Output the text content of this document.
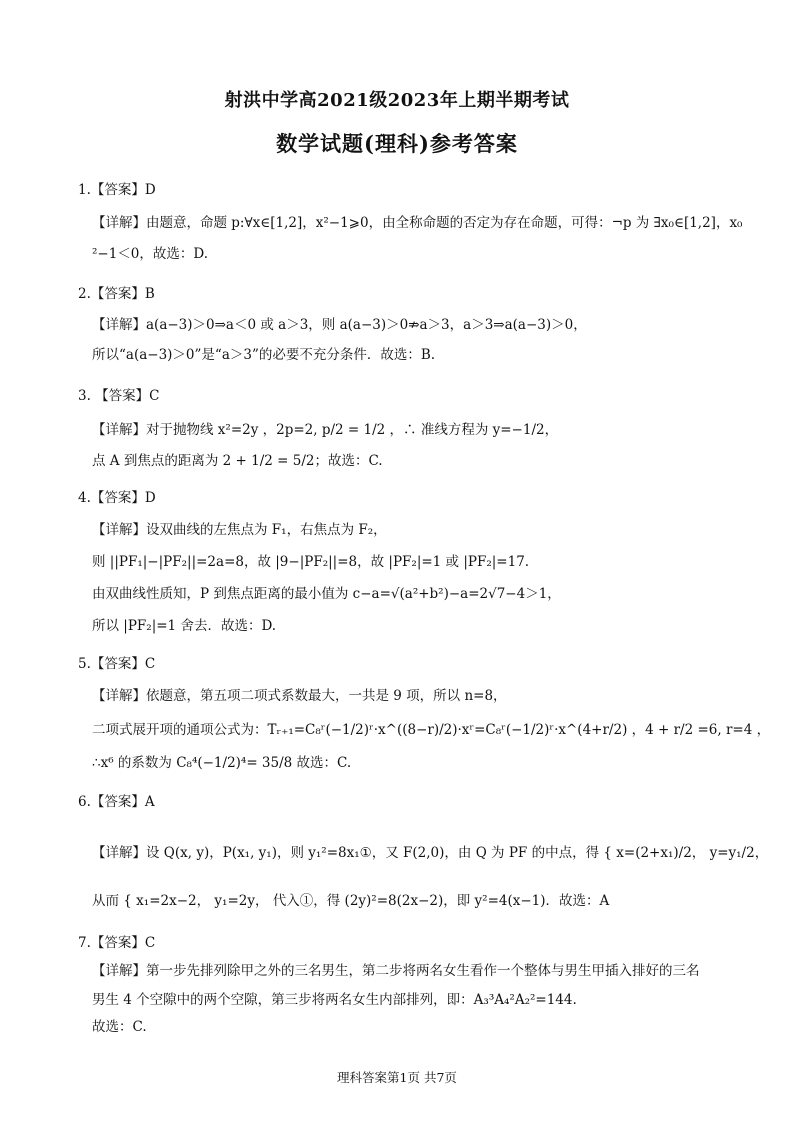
射洪中学高2021级2023年上期半期考试
数学试题(理科)参考答案
1.【答案】D
【详解】由题意，命题 p:∀x∈[1,2]，x²−1⩾0，由全称命题的否定为存在命题，可得：¬p 为 ∃x₀∈[1,2]，x₀
²−1＜0，故选：D.
2.【答案】B
【详解】a(a−3)＞0⇒a＜0 或 a＞3，则 a(a−3)＞0⇏a＞3，a＞3⇒a(a−3)＞0，
所以“a(a−3)＞0”是“a＞3”的必要不充分条件．故选：B.
3. 【答案】C
【详解】对于抛物线 x²=2y ，2p=2, p/2 = 1/2 ，∴ 准线方程为 y=−1/2，
点 A 到焦点的距离为 2 + 1/2 = 5/2；故选：C.
4.【答案】D
【详解】设双曲线的左焦点为 F₁，右焦点为 F₂，
则 ||PF₁|−|PF₂||=2a=8，故 |9−|PF₂||=8，故 |PF₂|=1 或 |PF₂|=17.
由双曲线性质知，P 到焦点距离的最小值为 c−a=√(a²+b²)−a=2√7−4＞1，
所以 |PF₂|=1 舍去．故选：D.
5.【答案】C
【详解】依题意，第五项二项式系数最大，一共是 9 项，所以 n=8，
二项式展开项的通项公式为：Tᵣ₊₁=C₈ʳ(−1/2)ʳ·x^((8−r)/2)·xʳ=C₈ʳ(−1/2)ʳ·x^(4+r/2) ，4 + r/2 =6, r=4 ，
∴x⁶ 的系数为 C₈⁴(−1/2)⁴= 35/8 故选：C.
6.【答案】A
【详解】设 Q(x, y)，P(x₁, y₁)，则 y₁²=8x₁①，又 F(2,0)，由 Q 为 PF 的中点，得 { x=(2+x₁)/2， y=y₁/2，
从而 { x₁=2x−2， y₁=2y， 代入①，得 (2y)²=8(2x−2)，即 y²=4(x−1)．故选：A
7.【答案】C
【详解】第一步先排列除甲之外的三名男生，第二步将两名女生看作一个整体与男生甲插入排好的三名
男生 4 个空隙中的两个空隙，第三步将两名女生内部排列，即：A₃³A₄²A₂²=144.
故选：C.
理科答案第1页 共7页
